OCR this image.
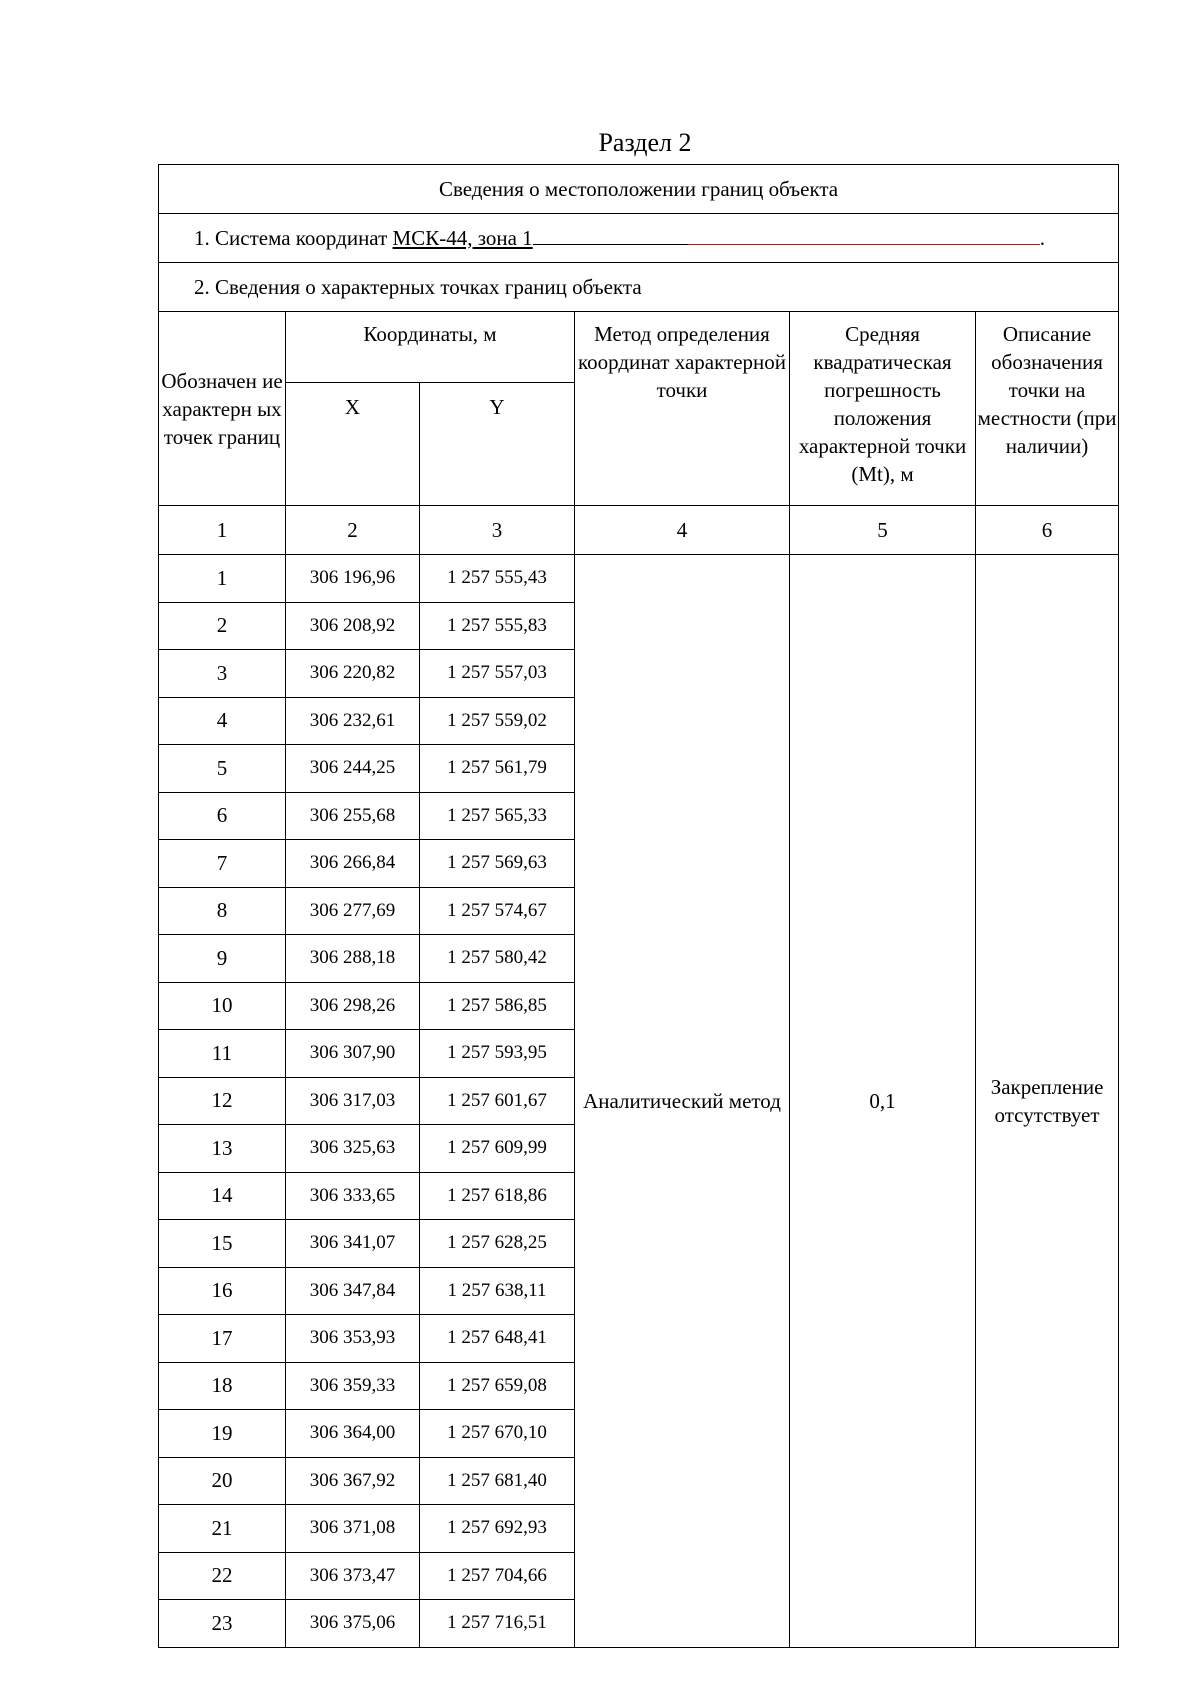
Раздел 2
Сведения о местоположении границ объекта					
1. Система координат МСК-44, зона 1 .					
2. Сведения о характерных точках границ объекта					
Обозначен ие характерн ых точек границ	Координаты, м		Метод определения координат характерной точки	Средняя квадратическая погрешность положения характерной точки (Mt), м	Описание обозначения точки на местности (при наличии)
	X	Y			
1	2	3	4	5	6
1	306 196,96	1 257 555,43	Аналитический метод	0,1	Закрепление отсутствует
2	306 208,92	1 257 555,83			
3	306 220,82	1 257 557,03			
4	306 232,61	1 257 559,02			
5	306 244,25	1 257 561,79			
6	306 255,68	1 257 565,33			
7	306 266,84	1 257 569,63			
8	306 277,69	1 257 574,67			
9	306 288,18	1 257 580,42			
10	306 298,26	1 257 586,85			
11	306 307,90	1 257 593,95			
12	306 317,03	1 257 601,67			
13	306 325,63	1 257 609,99			
14	306 333,65	1 257 618,86			
15	306 341,07	1 257 628,25			
16	306 347,84	1 257 638,11			
17	306 353,93	1 257 648,41			
18	306 359,33	1 257 659,08			
19	306 364,00	1 257 670,10			
20	306 367,92	1 257 681,40			
21	306 371,08	1 257 692,93			
22	306 373,47	1 257 704,66			
23	306 375,06	1 257 716,51			
